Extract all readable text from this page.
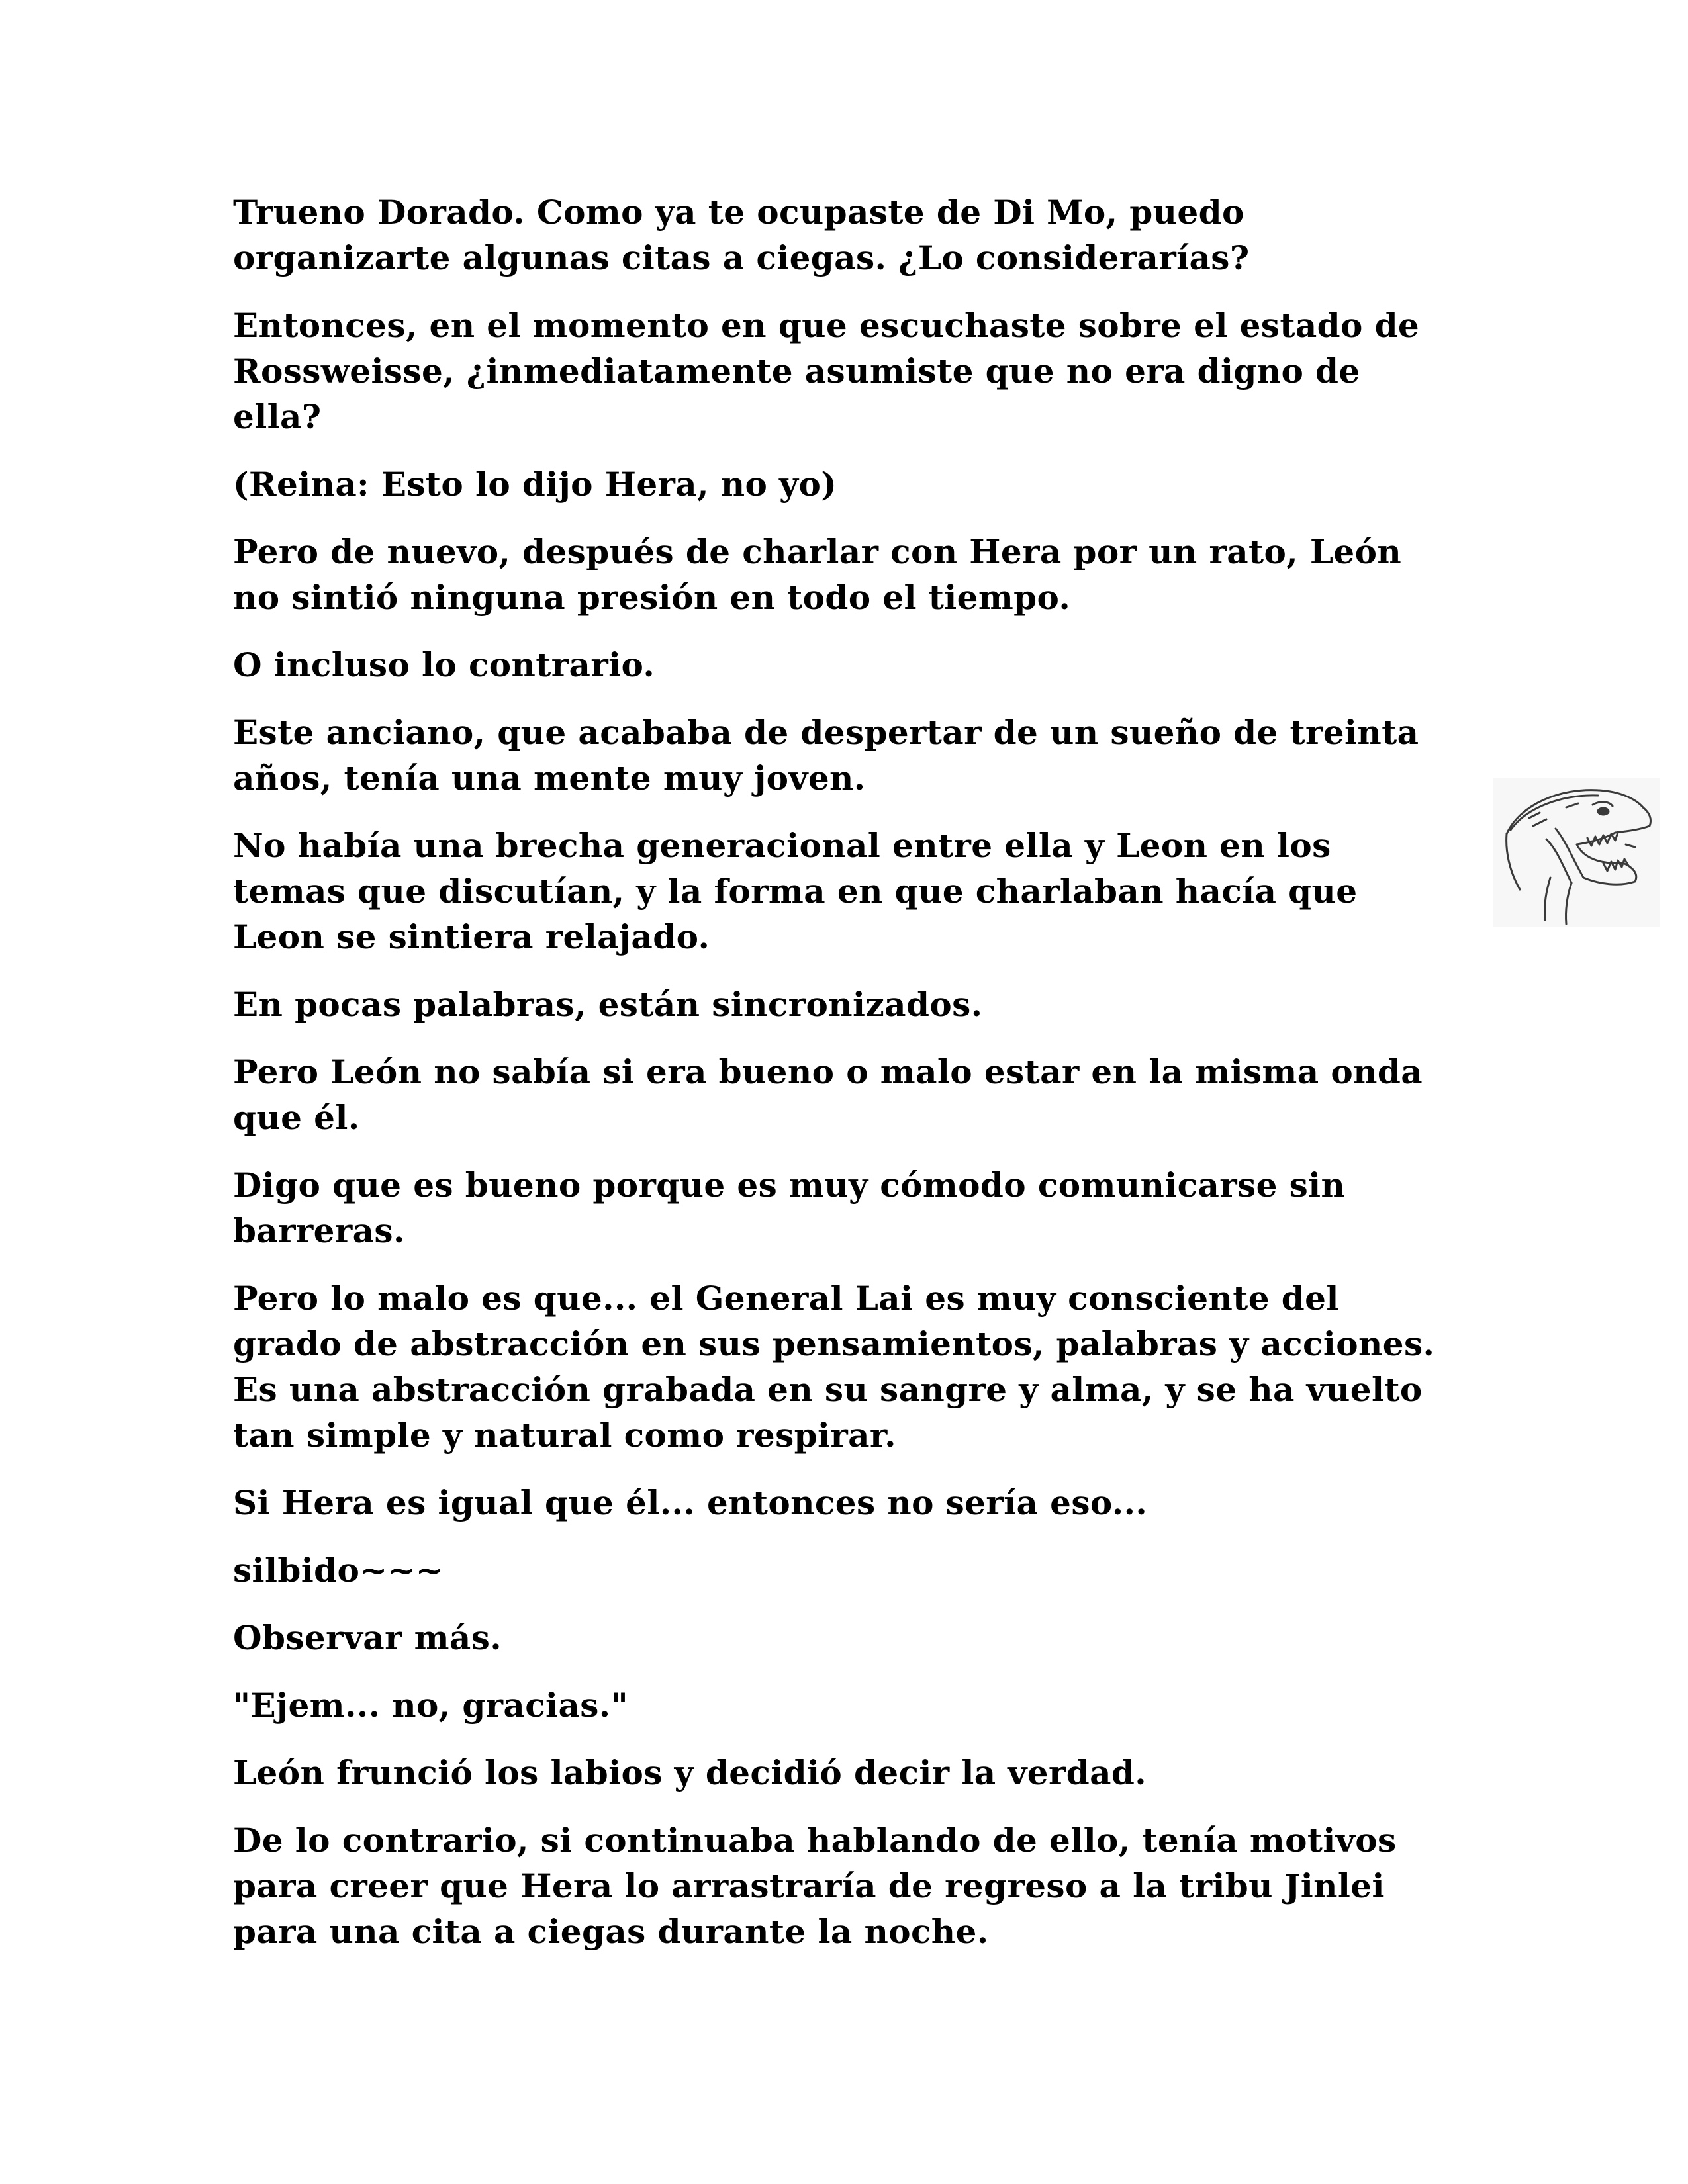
Trueno Dorado. Como ya te ocupaste de Di Mo, puedo organizarte algunas citas a ciegas. ¿Lo considerarías?

Entonces, en el momento en que escuchaste sobre el estado de Rossweisse, ¿inmediatamente asumiste que no era digno de ella?

(Reina: Esto lo dijo Hera, no yo)

Pero de nuevo, después de charlar con Hera por un rato, León no sintió ninguna presión en todo el tiempo.

O incluso lo contrario.

Este anciano, que acababa de despertar de un sueño de treinta años, tenía una mente muy joven.

No había una brecha generacional entre ella y Leon en los temas que discutían, y la forma en que charlaban hacía que Leon se sintiera relajado.

En pocas palabras, están sincronizados.

Pero León no sabía si era bueno o malo estar en la misma onda que él.

Digo que es bueno porque es muy cómodo comunicarse sin barreras.

Pero lo malo es que... el General Lai es muy consciente del grado de abstracción en sus pensamientos, palabras y acciones. Es una abstracción grabada en su sangre y alma, y se ha vuelto tan simple y natural como respirar.

Si Hera es igual que él... entonces no sería eso...

silbido~~~

Observar más.

"Ejem... no, gracias."

León frunció los labios y decidió decir la verdad.

De lo contrario, si continuaba hablando de ello, tenía motivos para creer que Hera lo arrastraría de regreso a la tribu Jinlei para una cita a ciegas durante la noche.
